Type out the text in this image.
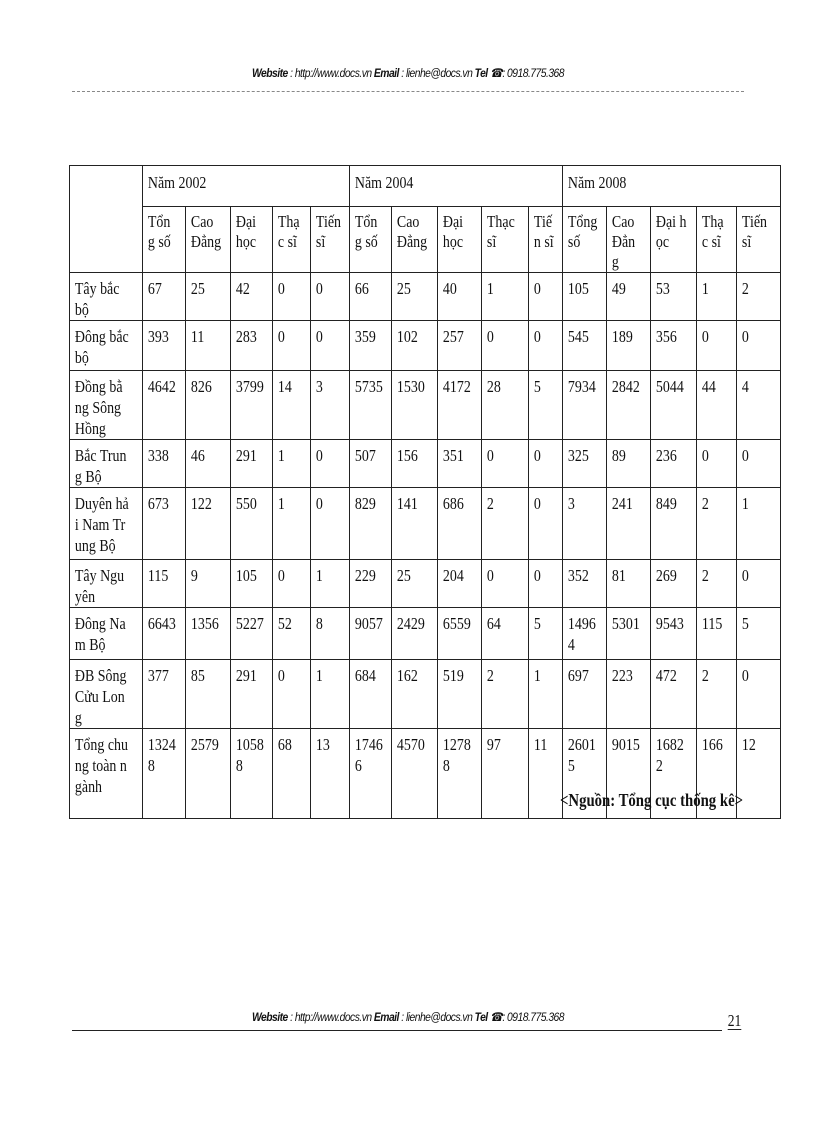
Website : http://www.docs.vn Email : lienhe@docs.vn Tel ☎: 0918.775.368

	Năm 2002					Năm 2004					Năm 2008				

	Tổng số	Cao Đẳng	Đại học	Thạc sĩ	Tiến sĩ	Tổng số	Cao Đẳng	Đại học	Thạc sĩ	Tiến sĩ	Tổng số	Cao Đẳng	Đại học	Thạc sĩ	Tiến sĩ

Tây bắc bộ	67	25	42	0	0	66	25	40	1	0	105	49	53	1	2

Đông bắc bộ	393	11	283	0	0	359	102	257	0	0	545	189	356	0	0

Đồng bằng Sông Hồng	4642	826	3799	14	3	5735	1530	4172	28	5	7934	2842	5044	44	4

Bắc Trung Bộ	338	46	291	1	0	507	156	351	0	0	325	89	236	0	0

Duyên hải Nam Trung Bộ	673	122	550	1	0	829	141	686	2	0	3	241	849	2	1

Tây Nguyên	115	9	105	0	1	229	25	204	0	0	352	81	269	2	0

Đông Nam Bộ	6643	1356	5227	52	8	9057	2429	6559	64	5	14964	5301	9543	115	5

ĐB Sông Cửu Long	377	85	291	0	1	684	162	519	2	1	697	223	472	2	0

Tổng chung toàn ngành	13248	2579	10588	68	13	17466	4570	12788	97	11	26015	9015	16822	166	12
<Nguồn: Tổng cục thống kê>
Website : http://www.docs.vn Email : lienhe@docs.vn Tel ☎: 0918.775.368	21
